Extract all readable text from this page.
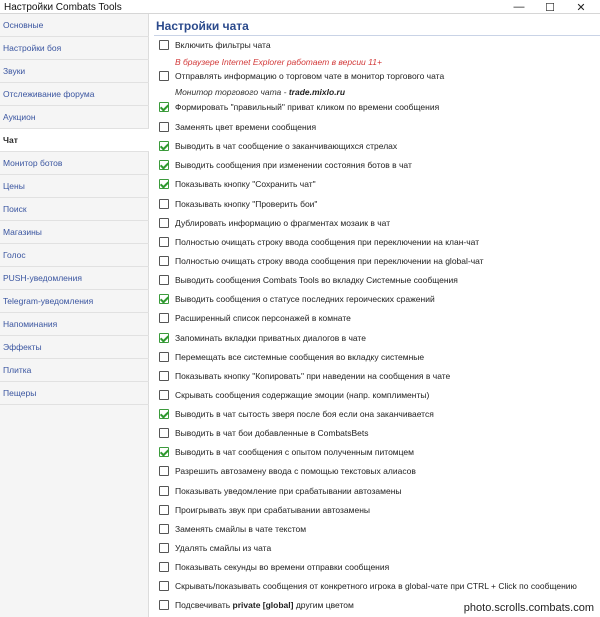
Настройки Combats Tools	—	☐	✕
Основные
Настройки боя
Звуки
Отслеживание форума
Аукцион
Чат
Монитор ботов
Цены
Поиск
Магазины
Голос
PUSH-уведомления
Telegram-уведомления
Напоминания
Эффекты
Плитка
Пещеры
Настройки чата
Включить фильтры чата
Отправлять информацию о торговом чате в монитор торгового чата
Формировать "правильный" приват кликом по времени сообщения
Заменять цвет времени сообщения
Выводить в чат сообщение о заканчивающихся стрелах
Выводить сообщения при изменении состояния ботов в чат
Показывать кнопку "Сохранить чат"
Показывать кнопку "Проверить бои"
Дублировать информацию о фрагментах мозаик в чат
Полностью очищать строку ввода сообщения при переключении на клан-чат
Полностью очищать строку ввода сообщения при переключении на global-чат
Выводить сообщения Combats Tools во вкладку Системные сообщения
Выводить сообщения о статусе последних героических сражений
Расширенный список персонажей в комнате
Запоминать вкладки приватных диалогов в чате
Перемещать все системные сообщения во вкладку системные
Показывать кнопку "Копировать" при наведении на сообщения в чате
Скрывать сообщения содержащие эмоции (напр. комплименты)
Выводить в чат сытость зверя после боя если она заканчивается
Выводить в чат бои добавленные в CombatsBets
Выводить в чат сообщения с опытом полученным питомцем
Разрешить автозамену ввода с помощью текстовых алиасов
Показывать уведомление при срабатывании автозамены
Проигрывать звук при срабатывании автозамены
Заменять смайлы в чате текстом
Удалять смайлы из чата
Показывать секунды во времени отправки сообщения
Скрывать/показывать сообщения от конкретного игрока в global-чате при CTRL + Click по сообщению
Подсвечивать private [global] другим цветом
В браузере Internet Explorer работает в версии 11+
Монитор торгового чата - trade.mixlo.ru
photo.scrolls.combats.com
